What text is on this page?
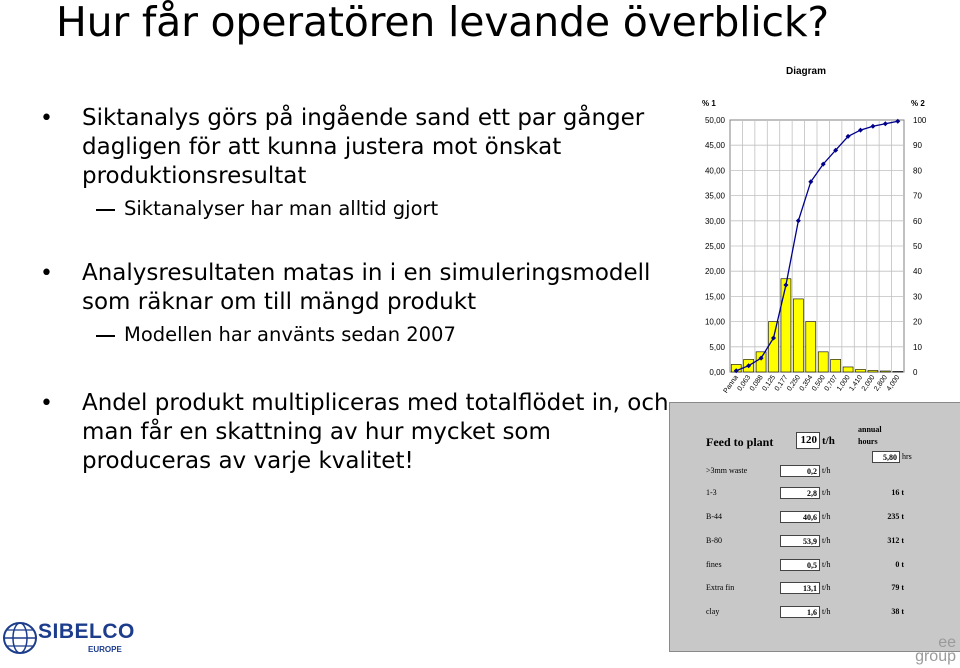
Hur får operatören levande överblick?
• Siktanalys görs på ingående sand ett par gånger dagligen för att kunna justera mot önskat produktionsresultat
Siktanalyser har man alltid gjort
• Analysresultaten matas in i en simuleringsmodell som räknar om till mängd produkt
Modellen har använts sedan 2007
• Andel produkt multipliceras med totalflödet in, och man får en skattning av hur mycket som produceras av varje kvalitet!
Diagram
% 1	% 2
0,00
5,00
10,00
15,00
20,00
25,00
30,00
35,00
40,00
45,00
50,00
0
10
20
30
40
50
60
70
80
90
100
Panna
0,063
0,088
0,125
0,177
0,250
0,354
0,500
0,707
1,000
1,410
2,000
2,800
4,000
Feed to plant	120 t/h
annual
hours
5,80 hrs
>3mm waste	0,2 t/h
1-3	2,8 t/h	16 t
B-44	40,6 t/h	235 t
B-80	53,9 t/h	312 t
fines	0,5 t/h	0 t
Extra fin	13,1 t/h	79 t
clay	1,6 t/h	38 t
SIBELCO
EUROPE	ee
group
